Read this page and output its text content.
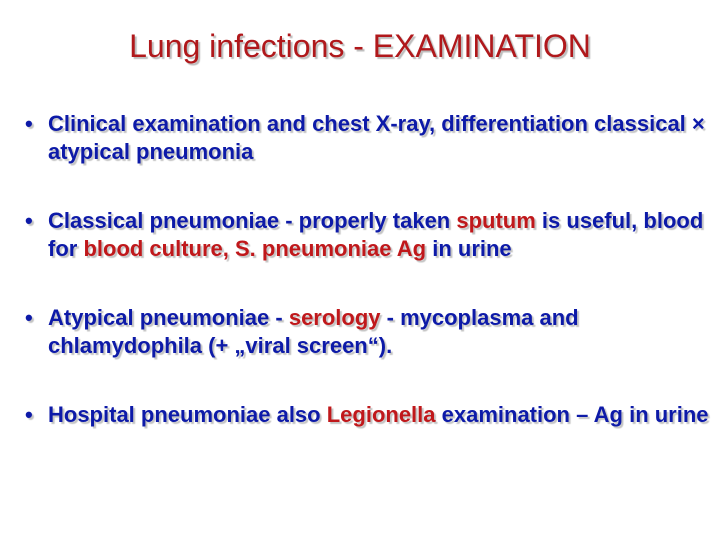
Lung infections - EXAMINATION
• Clinical examination and chest X-ray, differentiation classical × atypical pneumonia
• Classical pneumoniae - properly taken sputum is useful, blood for blood culture, S. pneumoniae Ag in urine
• Atypical pneumoniae - serology - mycoplasma and chlamydophila (+ „viral screen“).
• Hospital pneumoniae also Legionella examination – Ag in urine
